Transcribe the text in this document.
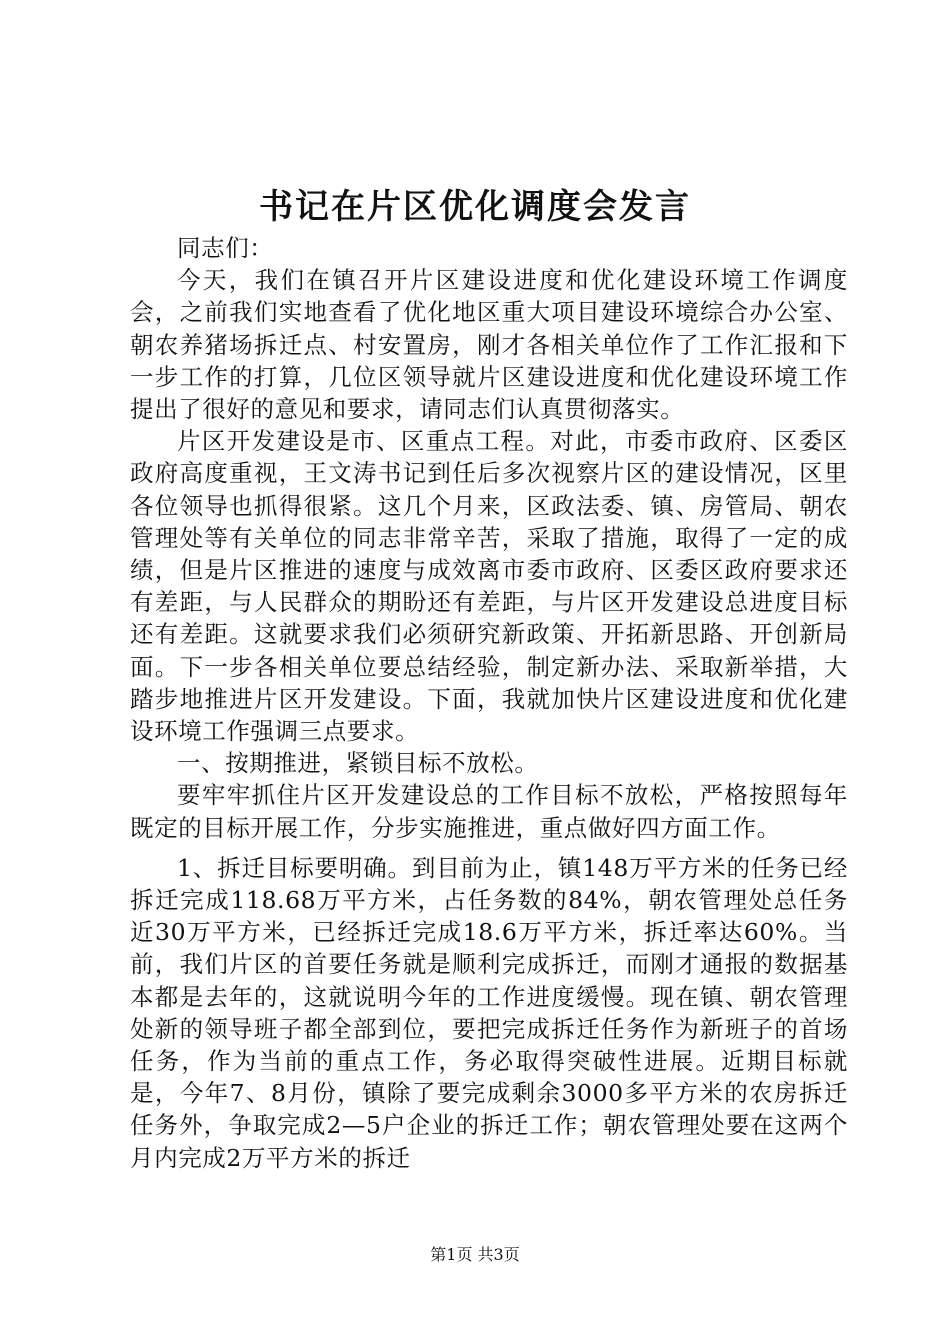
书记在片区优化调度会发言

同志们：

今天，我们在镇召开片区建设进度和优化建设环境工作调度会，之前我们实地查看了优化地区重大项目建设环境综合办公室、朝农养猪场拆迁点、村安置房，刚才各相关单位作了工作汇报和下一步工作的打算，几位区领导就片区建设进度和优化建设环境工作提出了很好的意见和要求，请同志们认真贯彻落实。

片区开发建设是市、区重点工程。对此，市委市政府、区委区政府高度重视，王文涛书记到任后多次视察片区的建设情况，区里各位领导也抓得很紧。这几个月来，区政法委、镇、房管局、朝农管理处等有关单位的同志非常辛苦，采取了措施，取得了一定的成绩，但是片区推进的速度与成效离市委市政府、区委区政府要求还有差距，与人民群众的期盼还有差距，与片区开发建设总进度目标还有差距。这就要求我们必须研究新政策、开拓新思路、开创新局面。下一步各相关单位要总结经验，制定新办法、采取新举措，大踏步地推进片区开发建设。下面，我就加快片区建设进度和优化建设环境工作强调三点要求。

一、按期推进，紧锁目标不放松。

要牢牢抓住片区开发建设总的工作目标不放松，严格按照每年既定的目标开展工作，分步实施推进，重点做好四方面工作。

1、拆迁目标要明确。到目前为止，镇148万平方米的任务已经拆迁完成118.68万平方米，占任务数的84%，朝农管理处总任务近30万平方米，已经拆迁完成18.6万平方米，拆迁率达60%。当前，我们片区的首要任务就是顺利完成拆迁，而刚才通报的数据基本都是去年的，这就说明今年的工作进度缓慢。现在镇、朝农管理处新的领导班子都全部到位，要把完成拆迁任务作为新班子的首场任务，作为当前的重点工作，务必取得突破性进展。近期目标就是，今年7、8月份，镇除了要完成剩余3000多平方米的农房拆迁任务外，争取完成2—5户企业的拆迁工作；朝农管理处要在这两个月内完成2万平方米的拆迁

第1页 共3页
